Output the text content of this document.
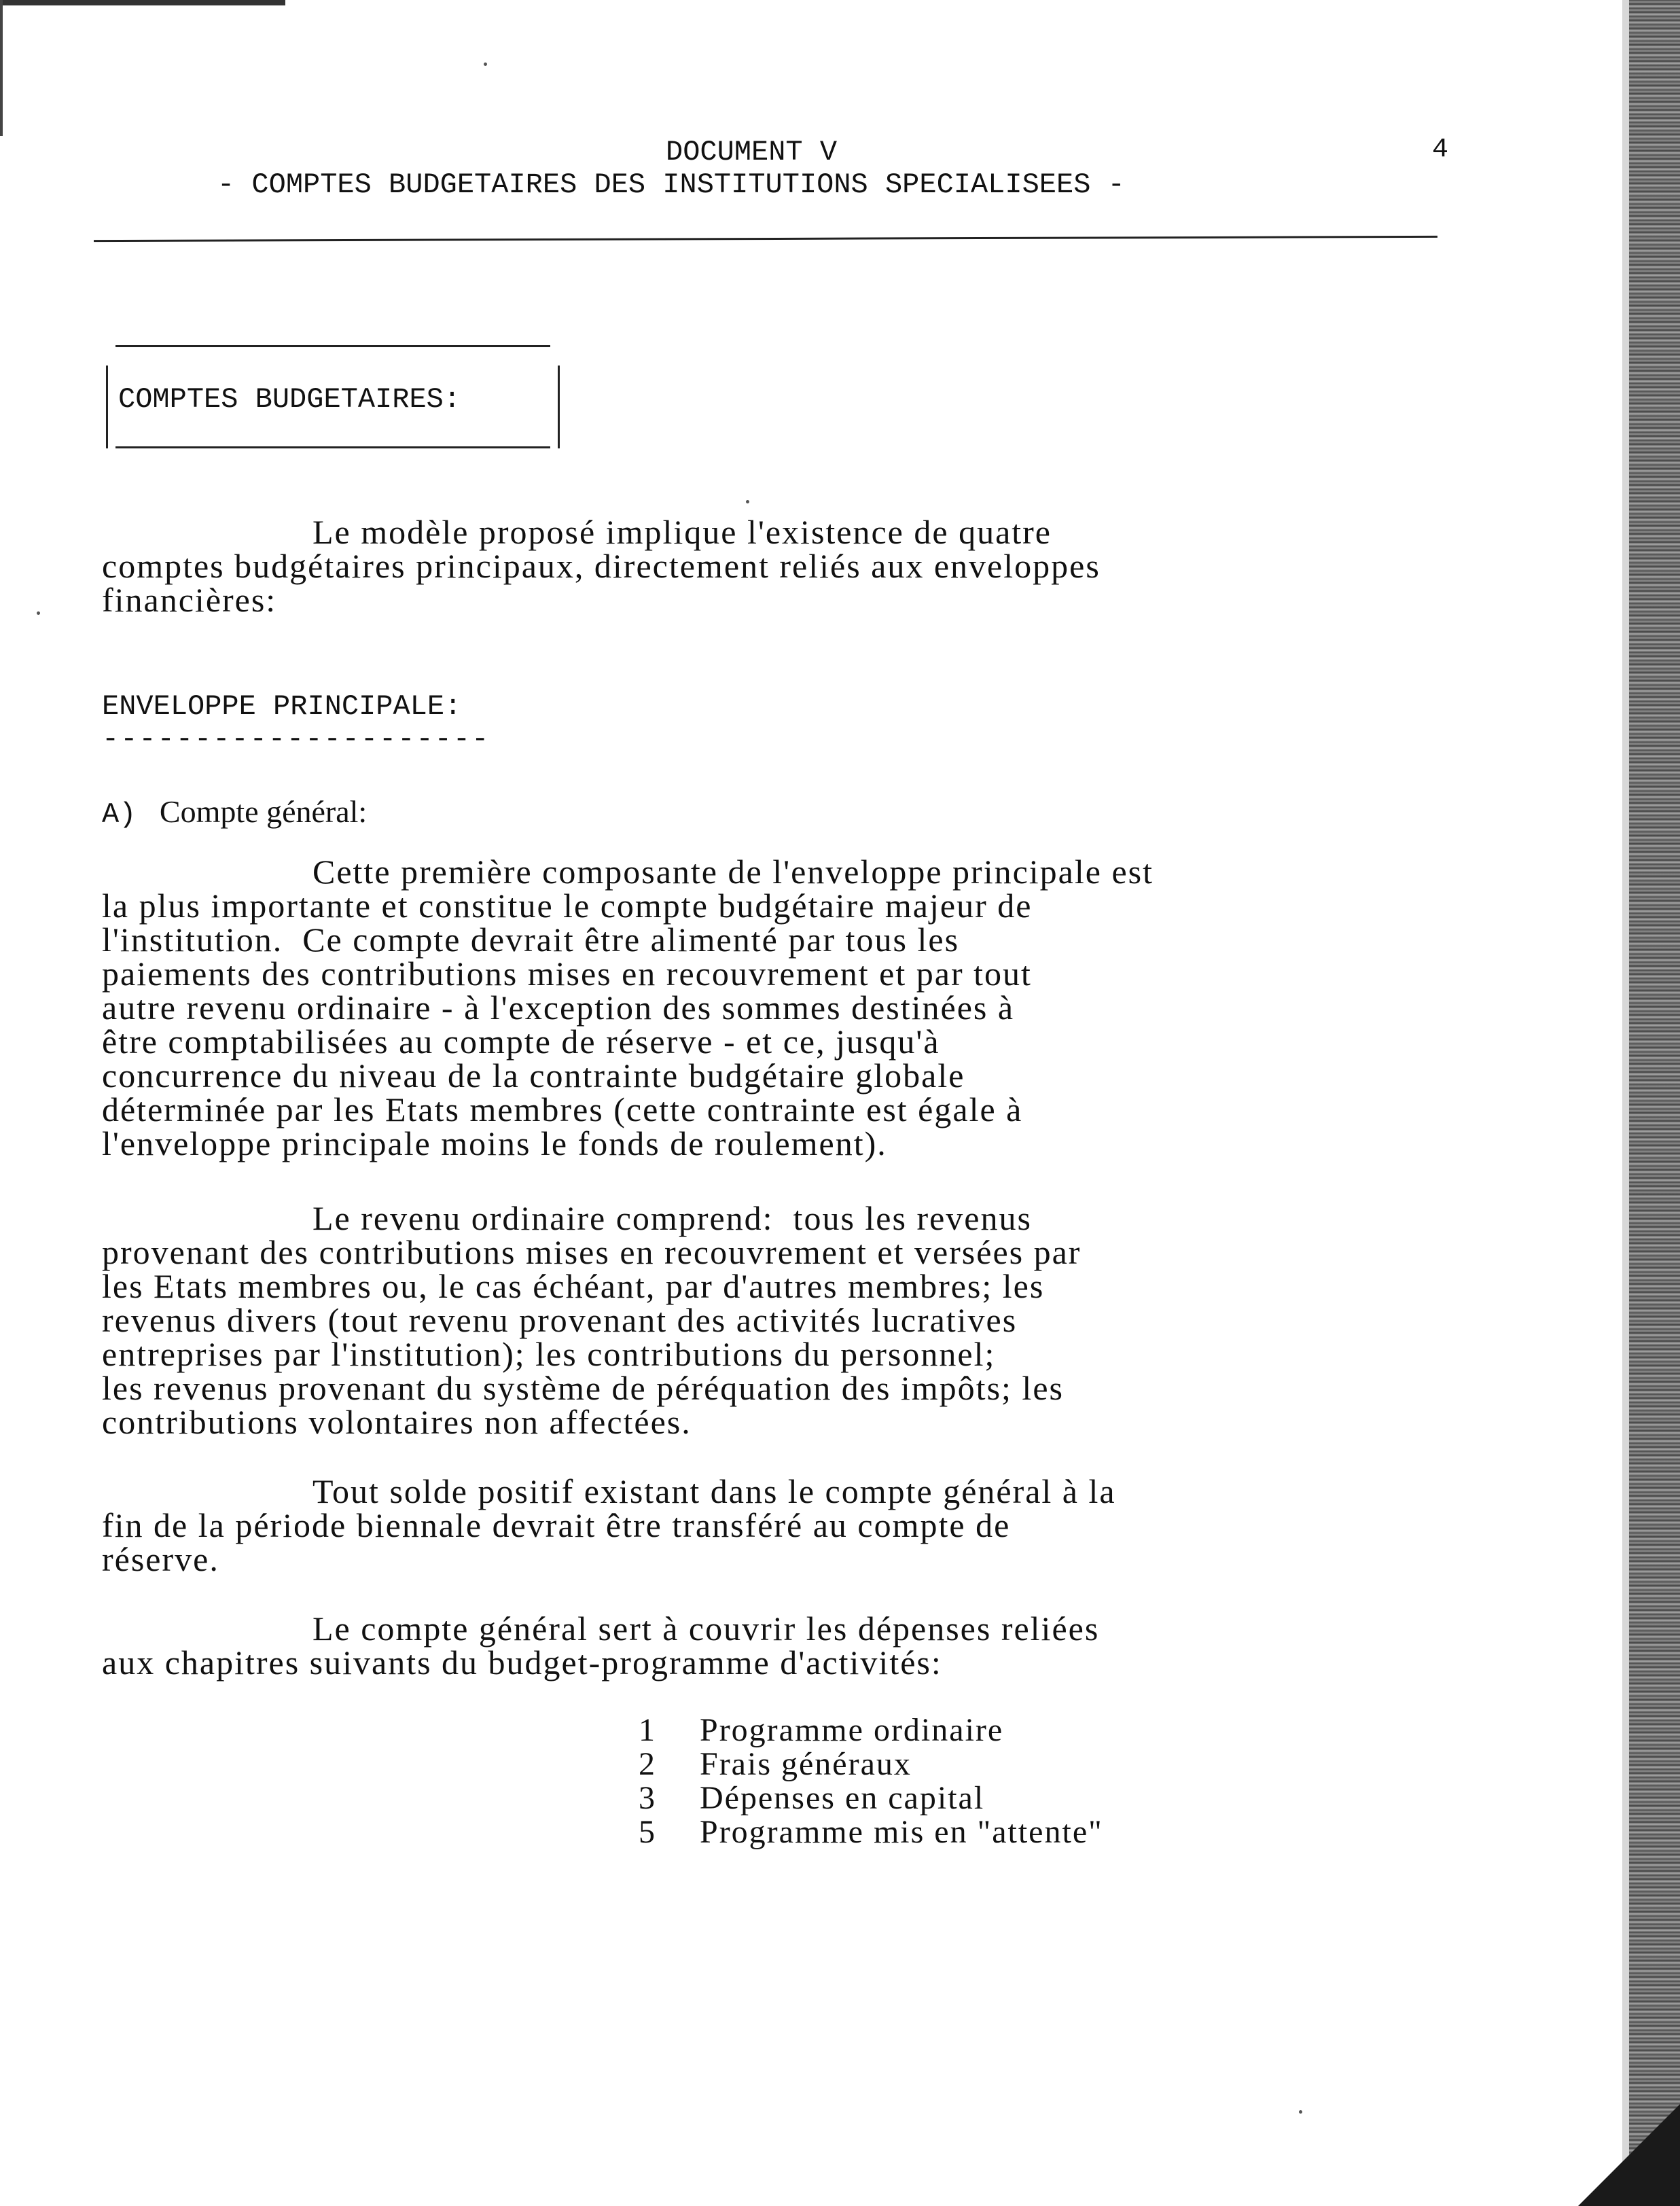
DOCUMENT V	4
- COMPTES BUDGETAIRES DES INSTITUTIONS SPECIALISEES -
COMPTES BUDGETAIRES:
Le modèle proposé implique l'existence de quatre
comptes budgétaires principaux, directement reliés aux enveloppes
financières:
ENVELOPPE PRINCIPALE:
---------------------
A) Compte général:
Cette première composante de l'enveloppe principale est
la plus importante et constitue le compte budgétaire majeur de
l'institution.  Ce compte devrait être alimenté par tous les
paiements des contributions mises en recouvrement et par tout
autre revenu ordinaire - à l'exception des sommes destinées à
être comptabilisées au compte de réserve - et ce, jusqu'à
concurrence du niveau de la contrainte budgétaire globale
déterminée par les Etats membres (cette contrainte est égale à
l'enveloppe principale moins le fonds de roulement).
Le revenu ordinaire comprend:  tous les revenus
provenant des contributions mises en recouvrement et versées par
les Etats membres ou, le cas échéant, par d'autres membres; les
revenus divers (tout revenu provenant des activités lucratives
entreprises par l'institution); les contributions du personnel;
les revenus provenant du système de péréquation des impôts; les
contributions volontaires non affectées.
Tout solde positif existant dans le compte général à la
fin de la période biennale devrait être transféré au compte de
réserve.
Le compte général sert à couvrir les dépenses reliées
aux chapitres suivants du budget-programme d'activités:
1 Programme ordinaire
2 Frais généraux
3 Dépenses en capital
5 Programme mis en "attente"
